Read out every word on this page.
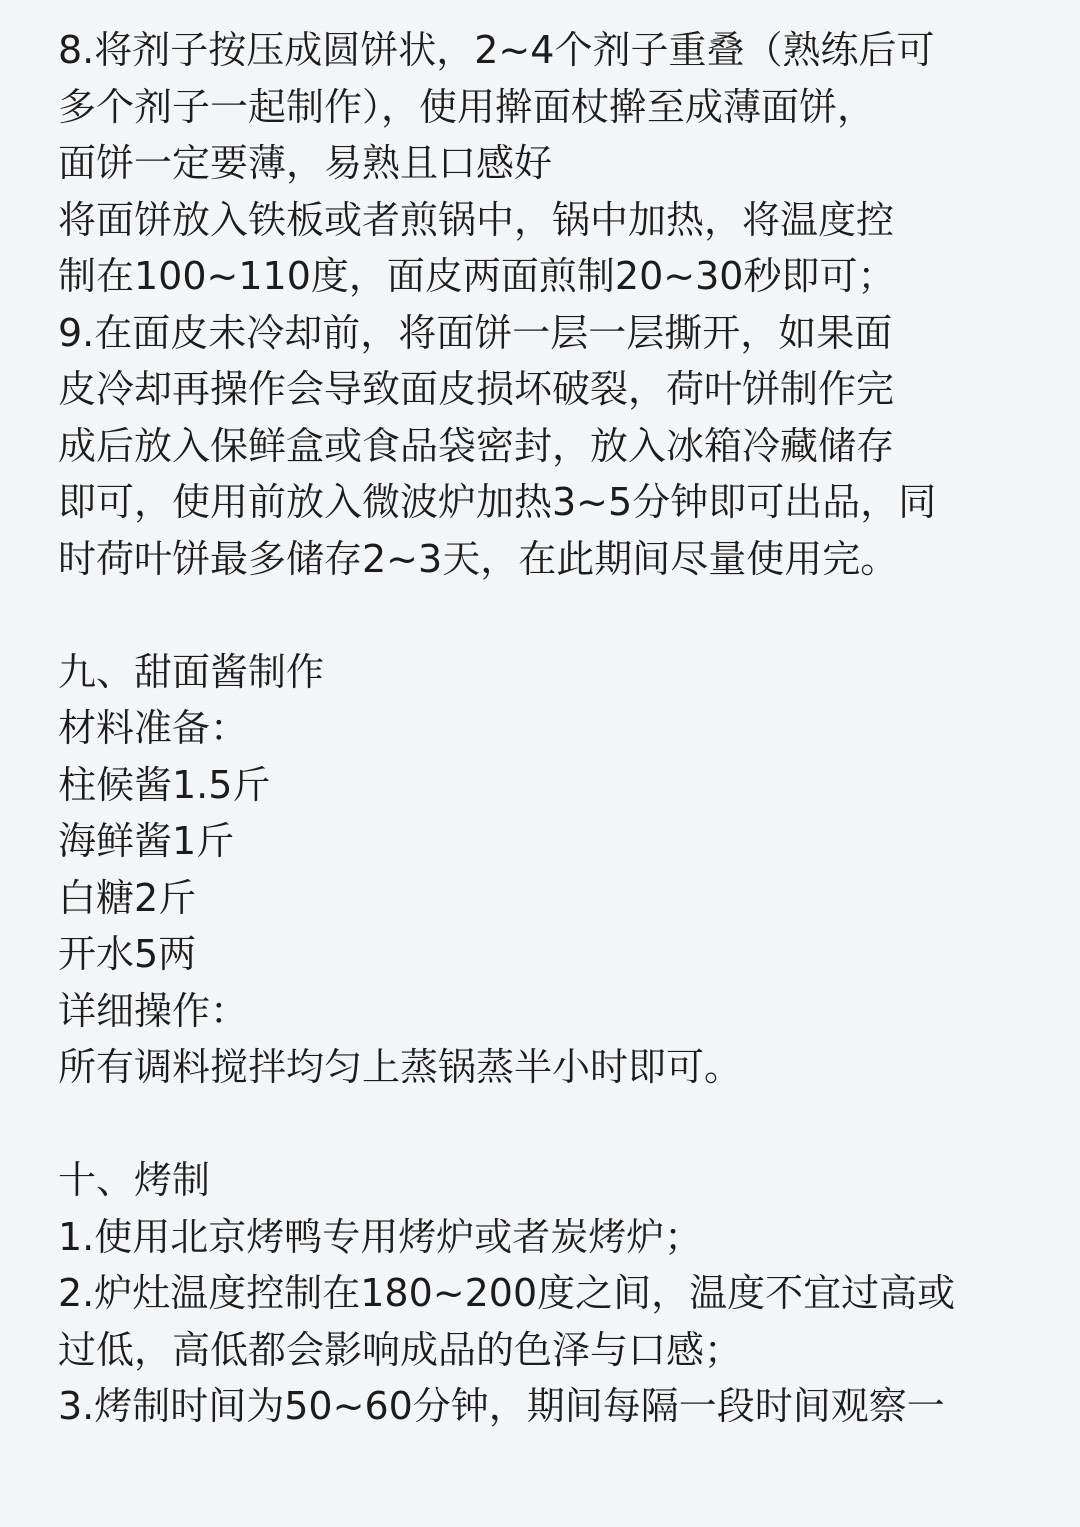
8.将剂子按压成圆饼状，2~4个剂子重叠（熟练后可
多个剂子一起制作），使用擀面杖擀至成薄面饼，
面饼一定要薄，易熟且口感好
将面饼放入铁板或者煎锅中，锅中加热，将温度控
制在100~110度，面皮两面煎制20~30秒即可；
9.在面皮未冷却前，将面饼一层一层撕开，如果面
皮冷却再操作会导致面皮损坏破裂，荷叶饼制作完
成后放入保鲜盒或食品袋密封，放入冰箱冷藏储存
即可，使用前放入微波炉加热3~5分钟即可出品，同
时荷叶饼最多储存2~3天，在此期间尽量使用完。
九、甜面酱制作
材料准备：
柱候酱1.5斤
海鲜酱1斤
白糖2斤
开水5两
详细操作：
所有调料搅拌均匀上蒸锅蒸半小时即可。
十、烤制
1.使用北京烤鸭专用烤炉或者炭烤炉；
2.炉灶温度控制在180~200度之间，温度不宜过高或
过低，高低都会影响成品的色泽与口感；
3.烤制时间为50~60分钟，期间每隔一段时间观察一
